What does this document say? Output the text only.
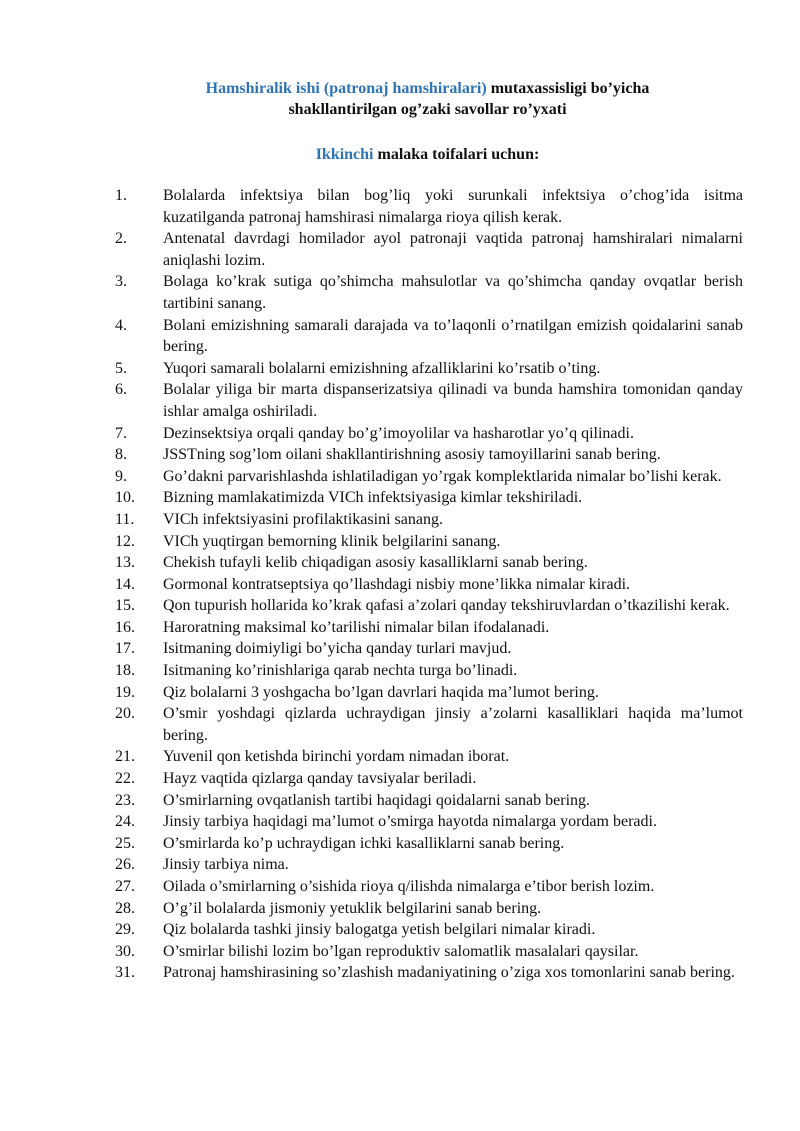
Hamshiralik ishi (patronaj hamshiralari) mutaxassisligi bo’yicha
shakllantirilgan og’zaki savollar ro’yxati
Ikkinchi malaka toifalari uchun:
1.	Bolalarda infektsiya bilan bog’liq yoki surunkali infektsiya o’chog’ida isitma kuzatilganda patronaj hamshirasi nimalarga rioya qilish kerak.
2.	Antenatal davrdagi homilador ayol patronaji vaqtida patronaj hamshiralari nimalarni aniqlashi lozim.
3.	Bolaga ko’krak sutiga qo’shimcha mahsulotlar va qo’shimcha qanday ovqatlar berish tartibini sanang.
4.	Bolani emizishning samarali darajada va to’laqonli o’rnatilgan emizish qoidalarini sanab bering.
5.	Yuqori samarali bolalarni emizishning afzalliklarini ko’rsatib o’ting.
6.	Bolalar yiliga bir marta dispanserizatsiya qilinadi va bunda hamshira tomonidan qanday ishlar amalga oshiriladi.
7.	Dezinsektsiya orqali qanday bo’g’imoyolilar va hasharotlar yo’q qilinadi.
8.	JSSTning sog’lom oilani shakllantirishning asosiy tamoyillarini sanab bering.
9.	Go’dakni parvarishlashda ishlatiladigan yo’rgak komplektlarida nimalar bo’lishi kerak.
10.	Bizning mamlakatimizda VICh infektsiyasiga kimlar tekshiriladi.
11.	VICh infektsiyasini profilaktikasini sanang.
12.	VICh yuqtirgan bemorning klinik belgilarini sanang.
13.	Chekish tufayli kelib chiqadigan asosiy kasalliklarni sanab bering.
14.	Gormonal kontratseptsiya qo’llashdagi nisbiy mone’likka nimalar kiradi.
15.	Qon tupurish hollarida ko’krak qafasi a’zolari qanday tekshiruvlardan o’tkazilishi kerak.
16.	Haroratning maksimal ko’tarilishi nimalar bilan ifodalanadi.
17.	Isitmaning doimiyligi bo’yicha qanday turlari mavjud.
18.	Isitmaning ko’rinishlariga qarab nechta turga bo’linadi.
19.	Qiz bolalarni 3 yoshgacha bo’lgan davrlari haqida ma’lumot bering.
20.	O’smir yoshdagi qizlarda uchraydigan jinsiy a’zolarni kasalliklari haqida ma’lumot bering.
21.	Yuvenil qon ketishda birinchi yordam nimadan iborat.
22.	Hayz vaqtida qizlarga qanday tavsiyalar beriladi.
23.	O’smirlarning ovqatlanish tartibi haqidagi qoidalarni sanab bering.
24.	Jinsiy tarbiya haqidagi ma’lumot o’smirga hayotda nimalarga yordam beradi.
25.	O’smirlarda ko’p uchraydigan ichki kasalliklarni sanab bering.
26.	Jinsiy tarbiya nima.
27.	Oilada o’smirlarning o’sishida rioya q/ilishda nimalarga e’tibor berish lozim.
28.	O’g’il bolalarda jismoniy yetuklik belgilarini sanab bering.
29.	Qiz bolalarda tashki jinsiy balogatga yetish belgilari nimalar kiradi.
30.	O’smirlar bilishi lozim bo’lgan reproduktiv salomatlik masalalari qaysilar.
31.	Patronaj hamshirasining so’zlashish madaniyatining o’ziga xos tomonlarini sanab bering.
